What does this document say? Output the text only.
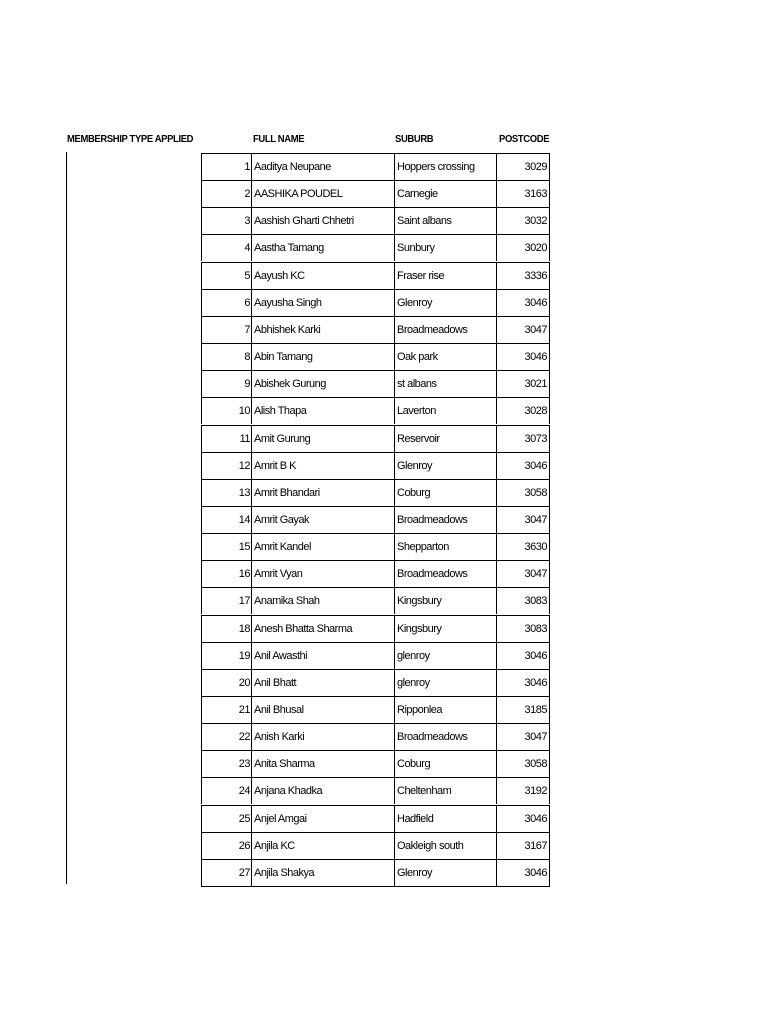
MEMBERSHIP TYPE APPLIED	FULL NAME	SUBURB	POSTCODE
1 Aaditya Neupane	Hoppers crossing	3029
2 AASHIKA POUDEL	Carnegie	3163
3 Aashish Gharti Chhetri	Saint albans	3032
4 Aastha Tamang	Sunbury	3020
5 Aayush KC	Fraser rise	3336
6 Aayusha Singh	Glenroy	3046
7 Abhishek Karki	Broadmeadows	3047
8 Abin Tamang	Oak park	3046
9 Abishek Gurung	st albans	3021
10 Alish Thapa	Laverton	3028
11 Amit Gurung	Reservoir	3073
12 Amrit B K	Glenroy	3046
13 Amrit Bhandari	Coburg	3058
14 Amrit Gayak	Broadmeadows	3047
15 Amrit Kandel	Shepparton	3630
16 Amrit Vyan	Broadmeadows	3047
17 Anamika Shah	Kingsbury	3083
18 Anesh Bhatta Sharma	Kingsbury	3083
19 Anil Awasthi	glenroy	3046
20 Anil Bhatt	glenroy	3046
21 Anil Bhusal	Ripponlea	3185
22 Anish Karki	Broadmeadows	3047
23 Anita Sharma	Coburg	3058
24 Anjana Khadka	Cheltenham	3192
25 Anjel Amgai	Hadfield	3046
26 Anjila KC	Oakleigh south	3167
27 Anjila Shakya	Glenroy	3046
